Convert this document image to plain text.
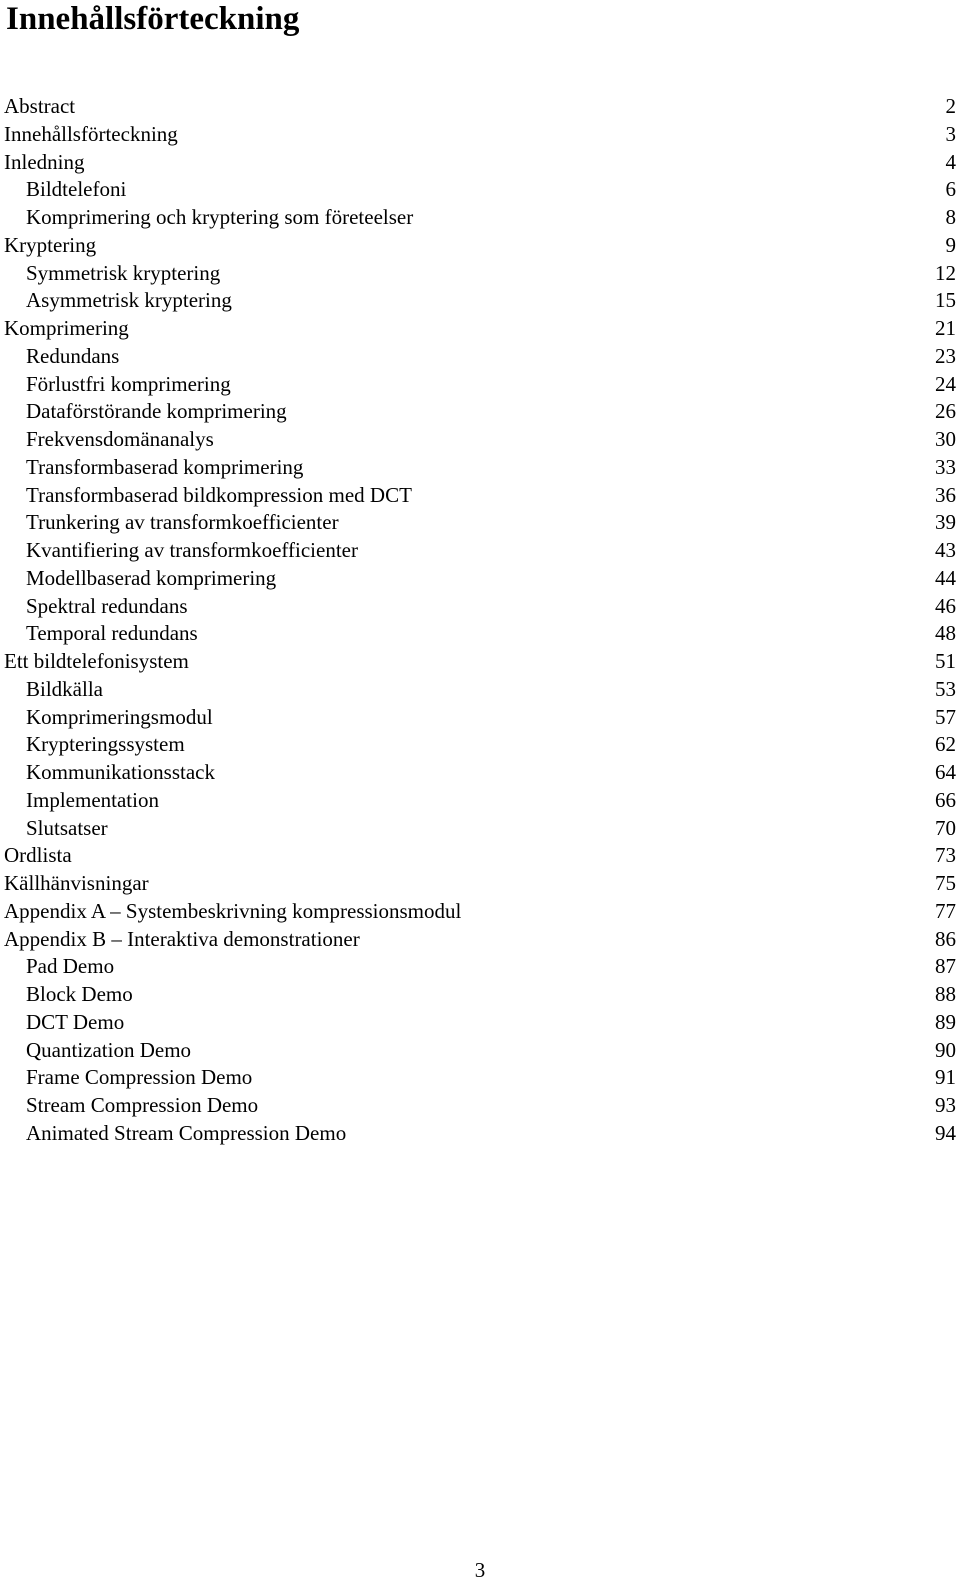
Innehållsförteckning
Abstract	2
Innehållsförteckning	3
Inledning	4
Bildtelefoni	6
Komprimering och kryptering som företeelser	8
Kryptering	9
Symmetrisk kryptering	12
Asymmetrisk kryptering	15
Komprimering	21
Redundans	23
Förlustfri komprimering	24
Dataförstörande komprimering	26
Frekvensdomänanalys	30
Transformbaserad komprimering	33
Transformbaserad bildkompression med DCT	36
Trunkering av transformkoefficienter	39
Kvantifiering av transformkoefficienter	43
Modellbaserad komprimering	44
Spektral redundans	46
Temporal redundans	48
Ett bildtelefonisystem	51
Bildkälla	53
Komprimeringsmodul	57
Krypteringssystem	62
Kommunikationsstack	64
Implementation	66
Slutsatser	70
Ordlista	73
Källhänvisningar	75
Appendix A – Systembeskrivning kompressionsmodul	77
Appendix B – Interaktiva demonstrationer	86
Pad Demo	87
Block Demo	88
DCT Demo	89
Quantization Demo	90
Frame Compression Demo	91
Stream Compression Demo	93
Animated Stream Compression Demo	94
3
